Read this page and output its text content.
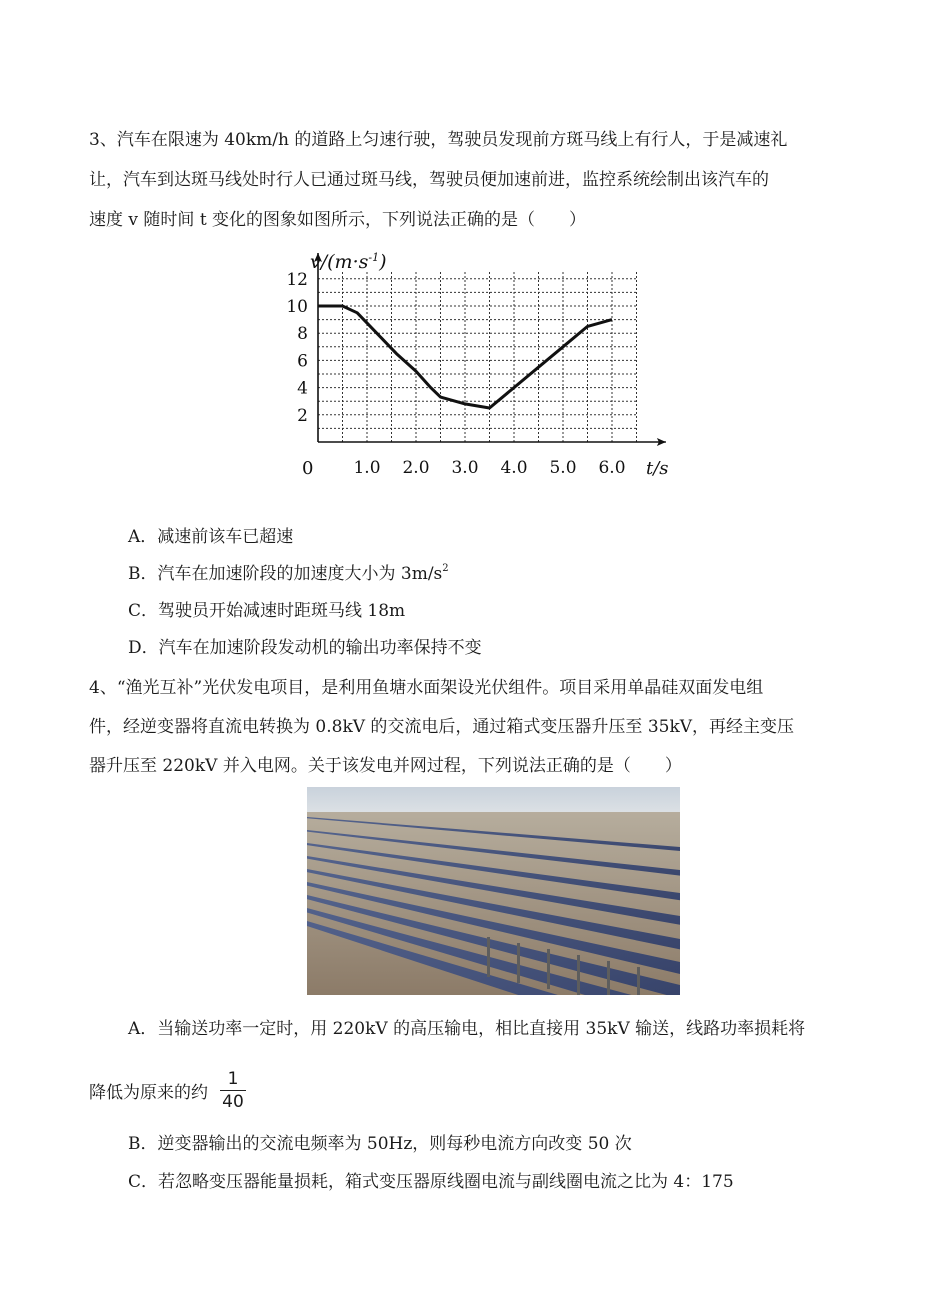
3、汽车在限速为 40km/h 的道路上匀速行驶，驾驶员发现前方斑马线上有行人，于是减速礼
让，汽车到达斑马线处时行人已通过斑马线，驾驶员便加速前进，监控系统绘制出该汽车的
速度 v 随时间 t 变化的图象如图所示，下列说法正确的是（　　）
1.0 2.0 3.0 4.0 5.0 6.0
2
4
6
8
10
12
$v/(m\cdot s^{-1})$
t/s
0
A．减速前该车已超速
B．汽车在加速阶段的加速度大小为 $3m/s^2$
C．驾驶员开始减速时距斑马线 18m
D．汽车在加速阶段发动机的输出功率保持不变
4、“渔光互补”光伏发电项目，是利用鱼塘水面架设光伏组件。项目采用单晶硅双面发电组
件，经逆变器将直流电转换为 0.8kV 的交流电后，通过箱式变压器升压至 35kV，再经主变压
器升压至 220kV 并入电网。关于该发电并网过程，下列说法正确的是（　　）
A．当输送功率一定时，用 220kV 的高压输电，相比直接用 35kV 输送，线路功率损耗将
降低为原来的约
1
40
B．逆变器输出的交流电频率为 50Hz，则每秒电流方向改变 50 次
C．若忽略变压器能量损耗，箱式变压器原线圈电流与副线圈电流之比为 4：175
